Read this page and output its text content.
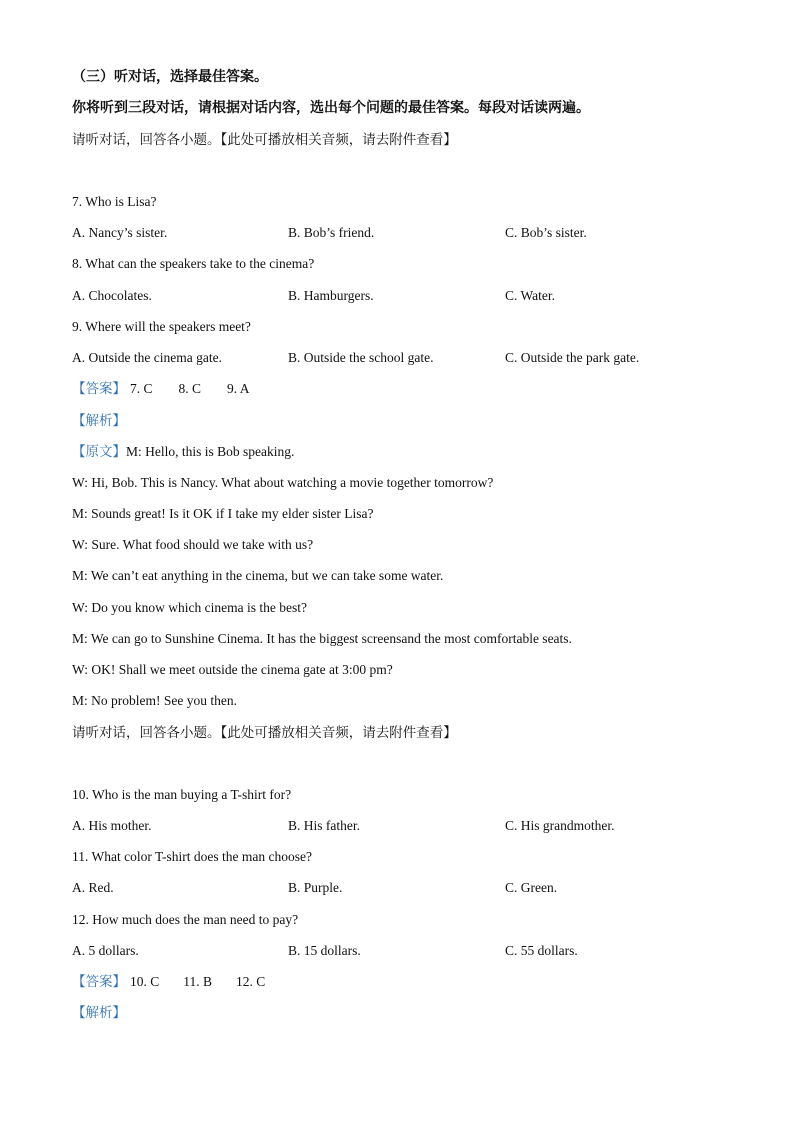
（三）听对话，选择最佳答案。
你将听到三段对话，请根据对话内容，选出每个问题的最佳答案。每段对话读两遍。
请听对话，回答各小题。【此处可播放相关音频，请去附件查看】
7. Who is Lisa?
A. Nancy’s sister.	B. Bob’s friend.	C. Bob’s sister.
8. What can the speakers take to the cinema?
A. Chocolates.	B. Hamburgers.	C. Water.
9. Where will the speakers meet?
A. Outside the cinema gate.	B. Outside the school gate.	C. Outside the park gate.
【答案】 7. C 8. C 9. A
【解析】
【原文】M: Hello, this is Bob speaking.
W: Hi, Bob. This is Nancy. What about watching a movie together tomorrow?
M: Sounds great! Is it OK if I take my elder sister Lisa?
W: Sure. What food should we take with us?
M: We can’t eat anything in the cinema, but we can take some water.
W: Do you know which cinema is the best?
M: We can go to Sunshine Cinema. It has the biggest screensand the most comfortable seats.
W: OK! Shall we meet outside the cinema gate at 3:00 pm?
M: No problem! See you then.
请听对话，回答各小题。【此处可播放相关音频，请去附件查看】
10. Who is the man buying a T-shirt for?
A. His mother.	B. His father.	C. His grandmother.
11. What color T-shirt does the man choose?
A. Red.	B. Purple.	C. Green.
12. How much does the man need to pay?
A. 5 dollars.	B. 15 dollars.	C. 55 dollars.
【答案】 10. C 11. B 12. C
【解析】
